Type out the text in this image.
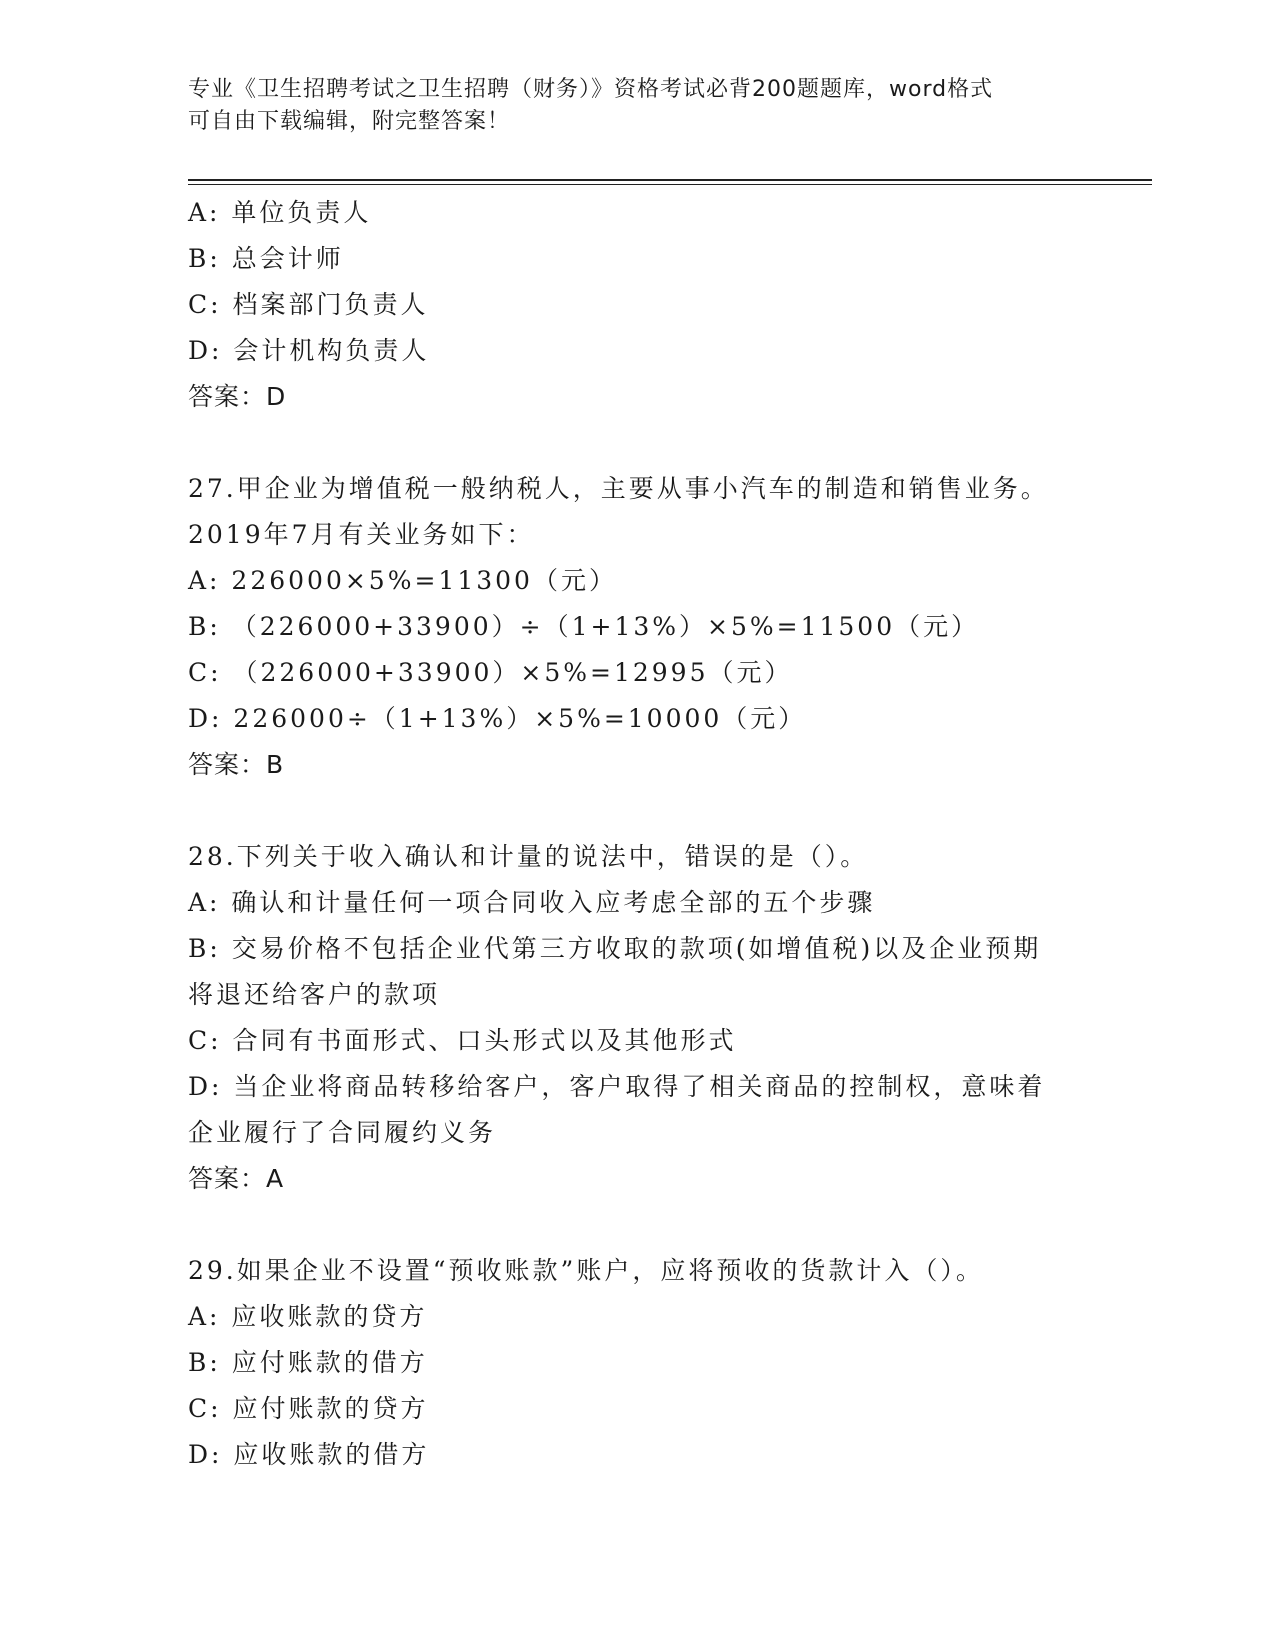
专业《卫生招聘考试之卫生招聘（财务）》资格考试必背200题题库，word格式
可自由下载编辑，附完整答案！
A: 单位负责人
B: 总会计师
C: 档案部门负责人
D: 会计机构负责人
答案：D
27.甲企业为增值税一般纳税人，主要从事小汽车的制造和销售业务。
2019年7月有关业务如下：
A: 226000×5%=11300（元）
B: （226000+33900）÷（1+13%）×5%=11500（元）
C: （226000+33900）×5%=12995（元）
D: 226000÷（1+13%）×5%=10000（元）
答案：B
28.下列关于收入确认和计量的说法中，错误的是（）。
A: 确认和计量任何一项合同收入应考虑全部的五个步骤
B: 交易价格不包括企业代第三方收取的款项(如增值税)以及企业预期
将退还给客户的款项
C: 合同有书面形式、口头形式以及其他形式
D: 当企业将商品转移给客户，客户取得了相关商品的控制权，意味着
企业履行了合同履约义务
答案：A
29.如果企业不设置“预收账款”账户，应将预收的货款计入（）。
A: 应收账款的贷方
B: 应付账款的借方
C: 应付账款的贷方
D: 应收账款的借方
